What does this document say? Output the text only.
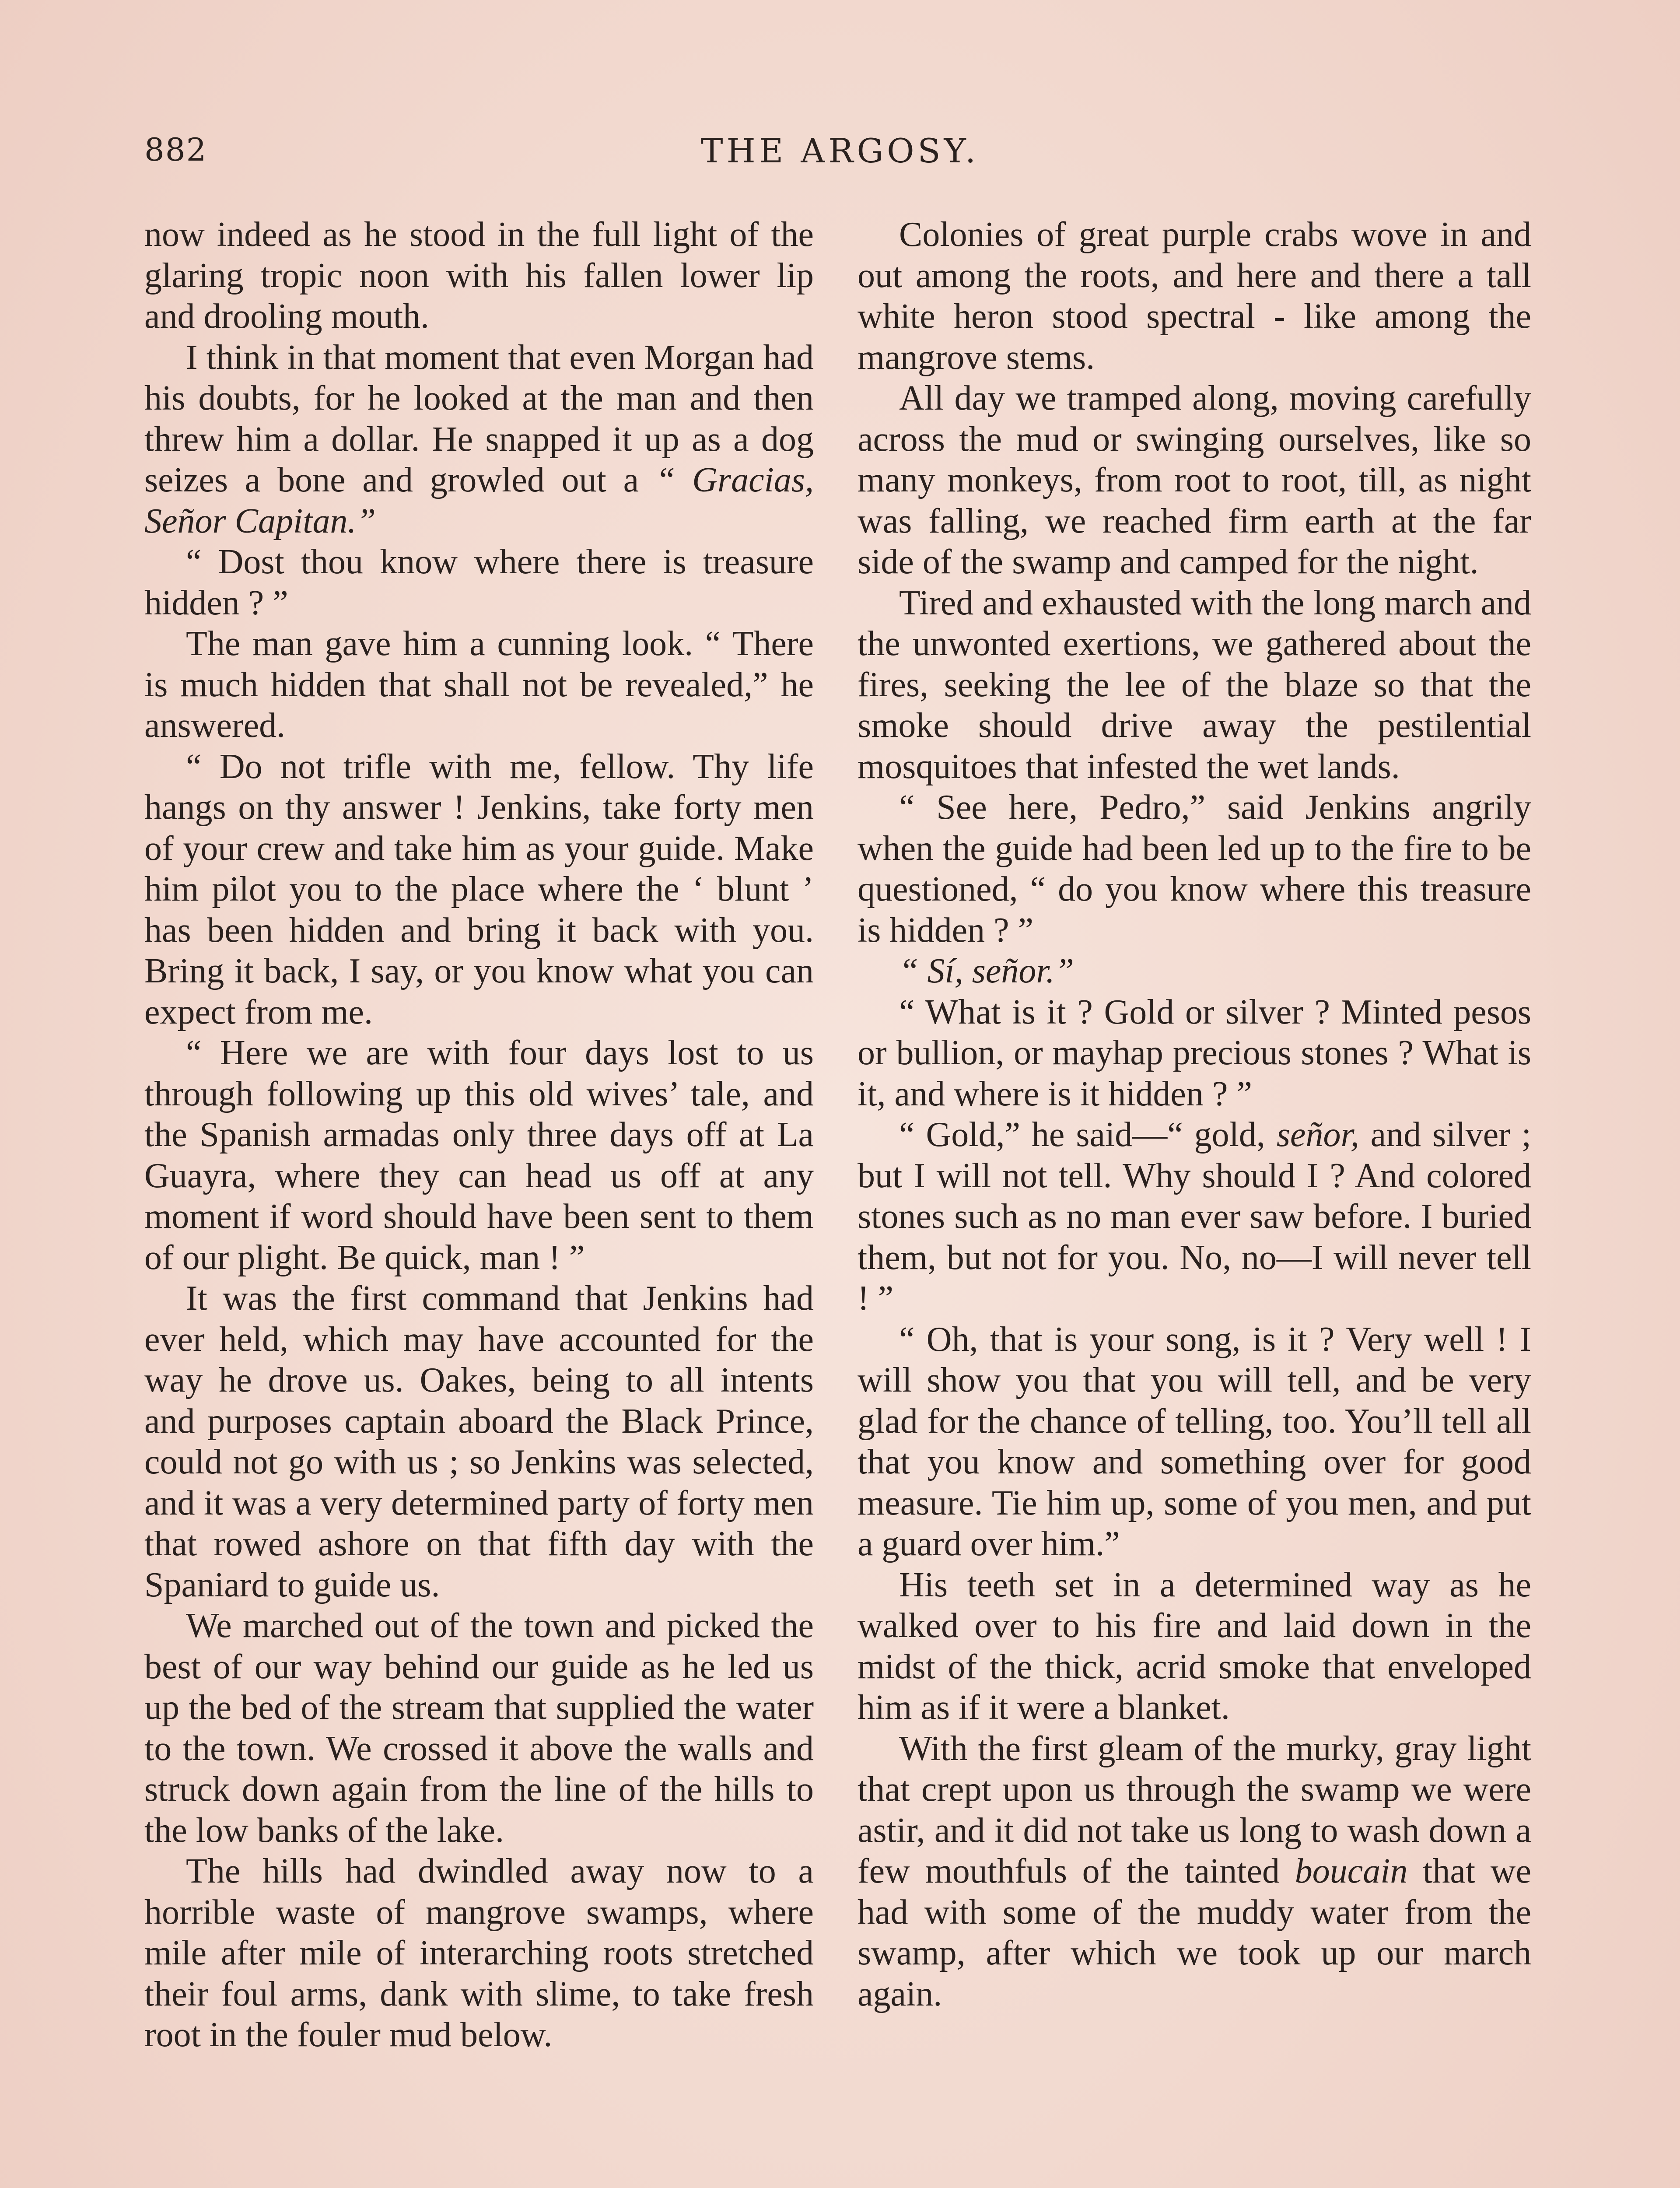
882	THE ARGOSY.

now indeed as he stood in the full light of the glaring tropic noon with his fallen lower lip and drooling mouth.

I think in that moment that even Morgan had his doubts, for he looked at the man and then threw him a dollar. He snapped it up as a dog seizes a bone and growled out a “ Gracias, Señor Capitan.”

“ Dost thou know where there is treasure hidden ? ”

The man gave him a cunning look. “ There is much hidden that shall not be revealed,” he answered.

“ Do not trifle with me, fellow. Thy life hangs on thy answer ! Jenkins, take forty men of your crew and take him as your guide. Make him pilot you to the place where the ‘ blunt ’ has been hidden and bring it back with you. Bring it back, I say, or you know what you can expect from me.

“ Here we are with four days lost to us through following up this old wives’ tale, and the Spanish armadas only three days off at La Guayra, where they can head us off at any moment if word should have been sent to them of our plight. Be quick, man ! ”

It was the first command that Jenkins had ever held, which may have accounted for the way he drove us. Oakes, being to all intents and purposes captain aboard the Black Prince, could not go with us ; so Jenkins was selected, and it was a very determined party of forty men that rowed ashore on that fifth day with the Spaniard to guide us.

We marched out of the town and picked the best of our way behind our guide as he led us up the bed of the stream that supplied the water to the town. We crossed it above the walls and struck down again from the line of the hills to the low banks of the lake.

The hills had dwindled away now to a horrible waste of mangrove swamps, where mile after mile of interarching roots stretched their foul arms, dank with slime, to take fresh root in the fouler mud below.

Colonies of great purple crabs wove in and out among the roots, and here and there a tall white heron stood spectral - like among the mangrove stems.

All day we tramped along, moving carefully across the mud or swinging ourselves, like so many monkeys, from root to root, till, as night was falling, we reached firm earth at the far side of the swamp and camped for the night.

Tired and exhausted with the long march and the unwonted exertions, we gathered about the fires, seeking the lee of the blaze so that the smoke should drive away the pestilential mosquitoes that infested the wet lands.

“ See here, Pedro,” said Jenkins angrily when the guide had been led up to the fire to be questioned, “ do you know where this treasure is hidden ? ”

“ Sí, señor.”

“ What is it ? Gold or silver ? Minted pesos or bullion, or mayhap precious stones ? What is it, and where is it hidden ? ”

“ Gold,” he said—“ gold, señor, and silver ; but I will not tell. Why should I ? And colored stones such as no man ever saw before. I buried them, but not for you. No, no—I will never tell ! ”

“ Oh, that is your song, is it ? Very well ! I will show you that you will tell, and be very glad for the chance of telling, too. You’ll tell all that you know and something over for good measure. Tie him up, some of you men, and put a guard over him.”

His teeth set in a determined way as he walked over to his fire and laid down in the midst of the thick, acrid smoke that enveloped him as if it were a blanket.

With the first gleam of the murky, gray light that crept upon us through the swamp we were astir, and it did not take us long to wash down a few mouthfuls of the tainted boucain that we had with some of the muddy water from the swamp, after which we took up our march again.
